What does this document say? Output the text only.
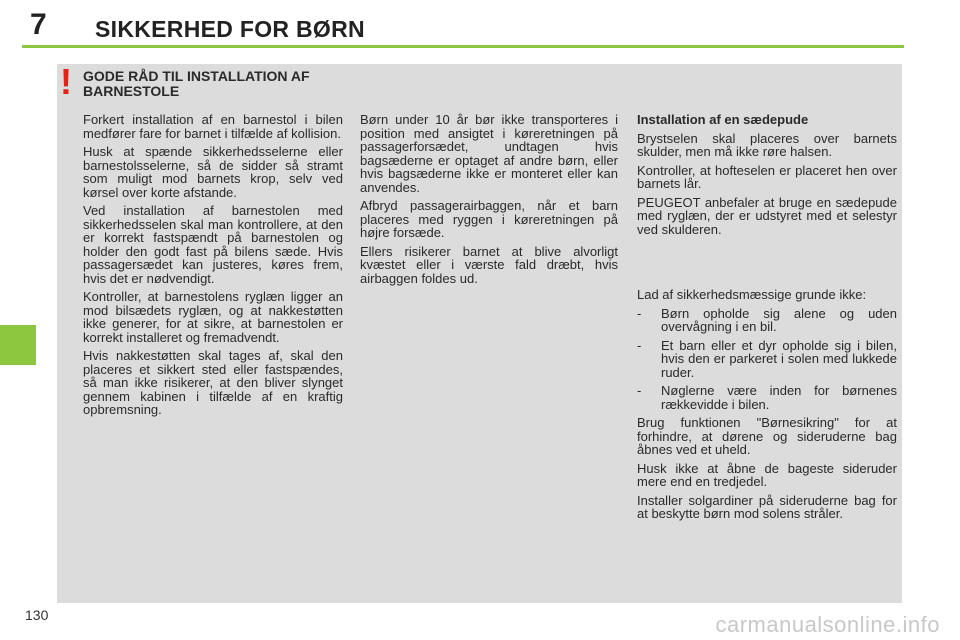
7 SIKKERHED FOR BØRN
! GODE RÅD TIL INSTALLATION AF BARNESTOLE

Forkert installation af en barnestol i bilen medfører fare for barnet i tilfælde af kollision.

Husk at spænde sikkerhedsselerne eller barnestolsselerne, så de sidder så stramt som muligt mod barnets krop, selv ved kørsel over korte afstande.

Ved installation af barnestolen med sikkerhedsselen skal man kontrollere, at den er korrekt fastspændt på barnestolen og holder den godt fast på bilens sæde. Hvis passagersædet kan justeres, køres frem, hvis det er nødvendigt.

Kontroller, at barnestolens ryglæn ligger an mod bilsædets ryglæn, og at nakkestøtten ikke generer, for at sikre, at barnestolen er korrekt installeret og fremadvendt.

Hvis nakkestøtten skal tages af, skal den placeres et sikkert sted eller fastspændes, så man ikke risikerer, at den bliver slynget gennem kabinen i tilfælde af en kraftig opbremsning.

Børn under 10 år bør ikke transporteres i position med ansigtet i køreretningen på passagerforsædet, undtagen hvis bagsæderne er optaget af andre børn, eller hvis bagsæderne ikke er monteret eller kan anvendes.

Afbryd passagerairbaggen, når et barn placeres med ryggen i køreretningen på højre forsæde.

Ellers risikerer barnet at blive alvorligt kvæstet eller i værste fald dræbt, hvis airbaggen foldes ud.

Installation af en sædepude

Brystselen skal placeres over barnets skulder, men må ikke røre halsen.

Kontroller, at hofteselen er placeret hen over barnets lår.

PEUGEOT anbefaler at bruge en sædepude med ryglæn, der er udstyret med et selestyr ved skulderen.

Lad af sikkerhedsmæssige grunde ikke:

- Børn opholde sig alene og uden overvågning i en bil.
- Et barn eller et dyr opholde sig i bilen, hvis den er parkeret i solen med lukkede ruder.
- Nøglerne være inden for børnenes rækkevidde i bilen.

Brug funktionen "Børnesikring" for at forhindre, at dørene og sideruderne bag åbnes ved et uheld.

Husk ikke at åbne de bageste sideruder mere end en tredjedel.

Installer solgardiner på sideruderne bag for at beskytte børn mod solens stråler.

130	carmanualsonline.info
